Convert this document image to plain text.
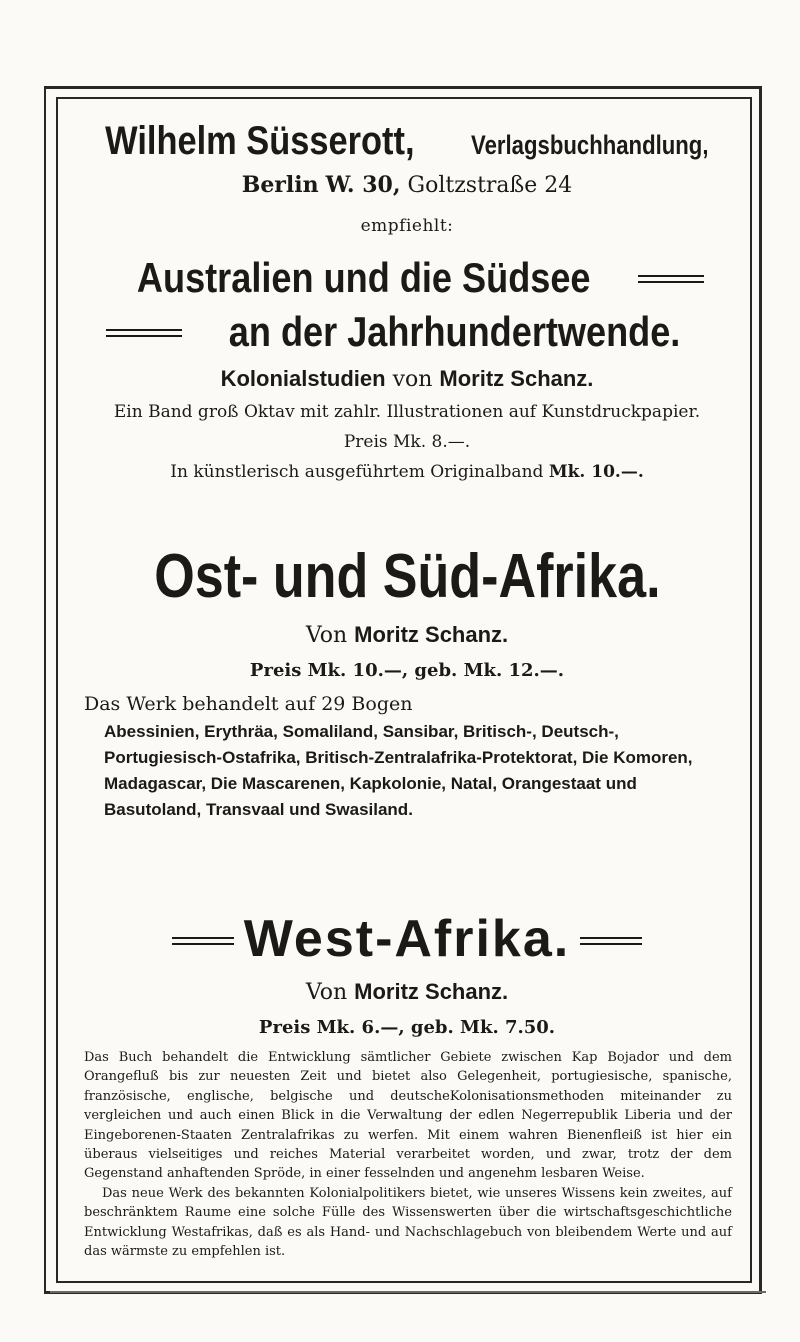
Wilhelm Süsserott, Verlagsbuchhandlung,
Berlin W. 30, Goltzstraße 24
empfiehlt:
Australien und die Südsee
an der Jahrhundertwende.
Kolonialstudien von Moritz Schanz.
Ein Band groß Oktav mit zahlr. Illustrationen auf Kunstdruckpapier.
Preis Mk. 8.—.
In künstlerisch ausgeführtem Originalband Mk. 10.—.
Ost- und Süd-Afrika.
Von Moritz Schanz.
Preis Mk. 10.—, geb. Mk. 12.—.
Das Werk behandelt auf 29 Bogen
Abessinien, Erythräa, Somaliland, Sansibar, Britisch-, Deutsch-, Portugiesisch-Ostafrika, Britisch-Zentralafrika-Protektorat, Die Komoren, Madagascar, Die Mascarenen, Kapkolonie, Natal, Orangestaat und Basutoland, Transvaal und Swasiland.
West-Afrika.
Von Moritz Schanz.
Preis Mk. 6.—, geb. Mk. 7.50.

Das Buch behandelt die Entwicklung sämtlicher Gebiete zwischen Kap Bojador und dem Orangefluß bis zur neuesten Zeit und bietet also Gelegenheit, portugiesische, spanische, französische, englische, belgische und deutscheKolonisationsmethoden miteinander zu vergleichen und auch einen Blick in die Verwaltung der edlen Negerrepublik Liberia und der Eingeborenen-Staaten Zentralafrikas zu werfen. Mit einem wahren Bienenfleiß ist hier ein überaus vielseitiges und reiches Material verarbeitet worden, und zwar, trotz der dem Gegenstand anhaftenden Spröde, in einer fesselnden und angenehm lesbaren Weise.

Das neue Werk des bekannten Kolonialpolitikers bietet, wie unseres Wissens kein zweites, auf beschränktem Raume eine solche Fülle des Wissenswerten über die wirtschaftsgeschichtliche Entwicklung Westafrikas, daß es als Hand- und Nachschlagebuch von bleibendem Werte und auf das wärmste zu empfehlen ist.
